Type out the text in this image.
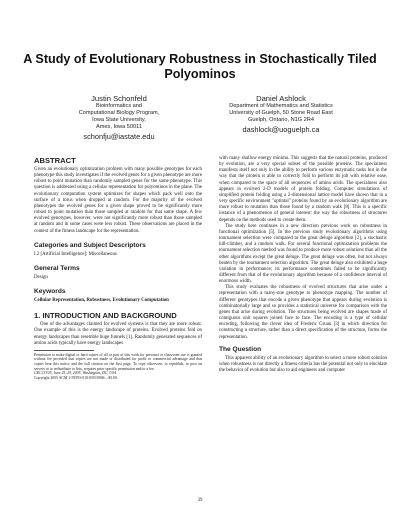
A Study of Evolutionary Robustness in Stochastically Tiled Polyominos
Justin Schonfeld
Bioinformatics and
Computational Biology Program,
Iowa State University,
Ames, Iowa 50011
schonfju@iastate.edu
Daniel Ashlock
Department of Mathematics and Statistics
University of Guelph, 50 Stone Road East
Guelph, Ontario, N1G 2R4
dashlock@uoguelph.ca
ABSTRACT

Given an evolutionary optimization problem with many possible genotypes for each phenotype this study investigates if the evolved genes for a given phenotype are more robust to point mutation than randomly sampled genes for the same phenotype. This question is addressed using a cellular representation for polyominos in the plane. The evolutionary computation system optimizes for shapes which pack well onto the surface of a torus when dropped at random. For the majority of the evolved phenotypes the evolved genes for a given shape proved to be significantly more robust to point mutation than those sampled at random for that same shape. A few evolved genotypes, however, were not significantly more robust than those sampled at random and in some cases were less robust. These observations are placed in the context of the fitness landscape for the representation.

Categories and Subject Descriptors

I.2 [Artificial Intelligence]: Miscellaneous

General Terms

Design

Keywords

Cellular Representation, Robustness, Evolutionary Computation

1. INTRODUCTION AND BACKGROUND

One of the advantages claimed for evolved systems is that they are more robust. One example of this is the energy landscape of proteins. Evolved proteins fold on energy landscapes than resemble huge funnels [1]. Randomly generated sequences of amino acids typically have energy landscapes

Permission to make digital or hard copies of all or part of this work for personal or classroom use is granted without fee provided that copies are not made or distributed for profit or commercial advantage and that copies bear this notice and the full citation on the first page. To copy otherwise, to republish, to post on servers or to redistribute to lists, requires prior specific permission and/or a fee.

GECCO'05, June 25–29, 2005, Washington, DC, USA.

Copyright 2005 ACM 1-59593-010-8/05/0006 ...$5.00.

with many shallow energy minima. This suggests that the natural proteins, produced by evolution, are a very special subset of the possible proteins. The specialness manifests itself not only in the ability to perform various enzymatic tasks but in the way that the protein is able to correctly fold to perform its job with relative ease, when compared to the space of all sequences of amino acids. The specialness also appears in evolved 2-D models of protein folding. Computer simulations of simplified protein folding using a 2-dimensional lattice model have shown that in a very specific environment "optimal" proteins found by an evolutionary algorithm are more robust to mutation than those found by a random walk [8]. This is a specific instance of a phenomenon of general interest: the way the robustness of structures depends on the methods used to create them.

The study here continues in a new direction previous work on robustness in functional optimization [5]. In the previous study evolutionary algorithms using tournament selection were compared to the great deluge algorithm [2], a stochastic hill-climber, and a random walk. For several functional optimization problems the tournament selection method was found to produce more robust solutions than all the other algorithms except the great deluge. The great deluge was often, but not always beaten by the tournament selection algorithm. The great deluge also exhibited a huge variation in performance; its performance sometimes failed to be significantly different from that of the evolutionary algorithm because of a confidence interval of enormous width.

This study evaluates the robustness of evolved structures that arise under a representation with a many-one genotype to phenotype mapping. The number of different genotypes that encode a given phenotype that appears during evolution is combinatorially large and so provides a statistical universe for comparison with the genes that arise during evolution. The structures being evolved are shapes made of contiguous unit squares joined face to face. The encoding is a type of cellular encoding, following the clever idea of Frederic Gruau [3] in which direction for constructing a structure, rather than a direct specification of the structure, forms the representation.

The Question

This apparent ability of an evolutionary algorithm to select a more robust solution when robustness is not directly a fitness criteria has the potential not only to elucidate the behavior of evolution but also to aid engineers and computer

39
